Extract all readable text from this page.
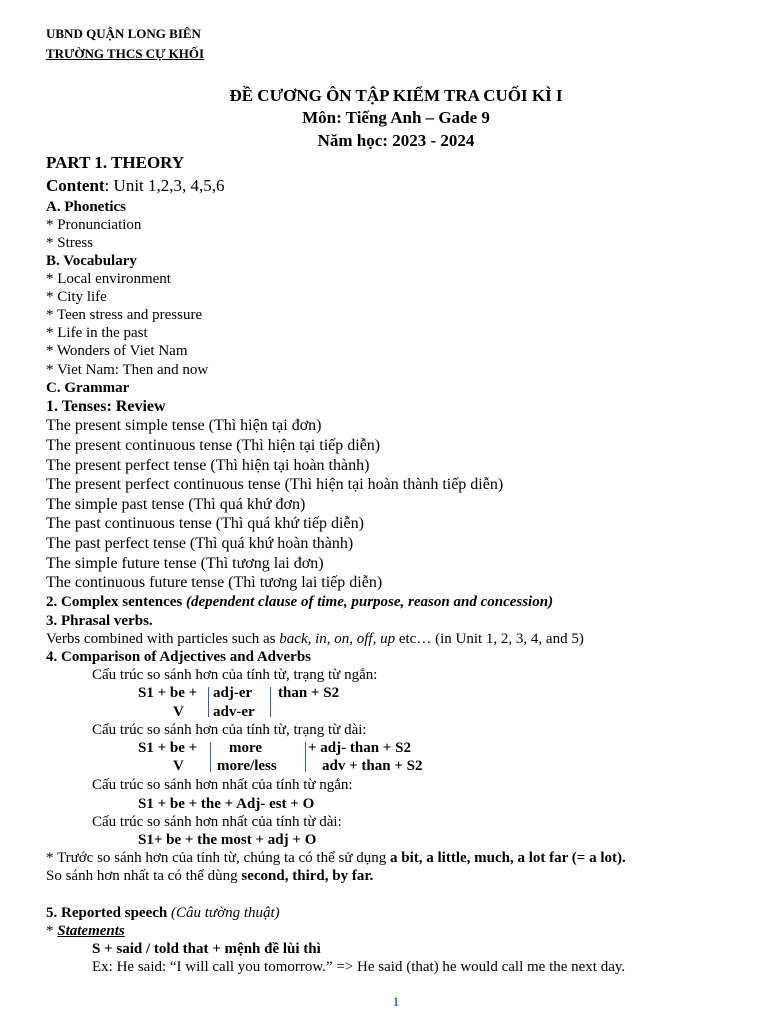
UBND QUẬN LONG BIÊN
TRƯỜNG THCS CỰ KHỐI
ĐỀ CƯƠNG ÔN TẬP KIỂM TRA CUỐI KÌ I
Môn: Tiếng Anh – Gade 9
Năm học: 2023 - 2024
PART 1. THEORY
Content: Unit 1,2,3, 4,5,6
A. Phonetics
* Pronunciation
* Stress
B. Vocabulary
* Local environment
* City life
* Teen stress and pressure
* Life in the past
* Wonders of Viet Nam
* Viet Nam: Then and now
C. Grammar
1. Tenses: Review
The present simple tense (Thì hiện tại đơn)
The present continuous tense (Thì hiện tại tiếp diễn)
The present perfect tense (Thì hiện tại hoàn thành)
The present perfect continuous tense (Thì hiện tại hoàn thành tiếp diễn)
The simple past tense (Thì quá khứ đơn)
The past continuous tense (Thì quá khứ tiếp diễn)
The past perfect tense (Thì quá khứ hoàn thành)
The simple future tense (Thì tương lai đơn)
The continuous future tense (Thì tương lai tiếp diễn)
2. Complex sentences (dependent clause of time, purpose, reason and concession)
3. Phrasal verbs.
Verbs combined with particles such as back, in, on, off, up etc… (in Unit 1, 2, 3, 4, and 5)
4. Comparison of Adjectives and Adverbs
Cấu trúc so sánh hơn của tính từ, trạng từ ngắn:
S1 + be +
V
adj-er
adv-er
than + S2
Cấu trúc so sánh hơn của tính từ, trạng từ dài:
S1 + be +
V
more
more/less
+ adj- than + S2
adv + than + S2
Cấu trúc so sánh hơn nhất của tính từ ngắn:
S1 + be + the + Adj- est + O
Cấu trúc so sánh hơn nhất của tính từ dài:
S1+ be + the most + adj + O
* Trước so sánh hơn của tính từ, chúng ta có thể sử dụng a bit, a little, much, a lot far (= a lot).
So sánh hơn nhất ta có thể dùng second, third, by far.
5. Reported speech (Câu tường thuật)
* Statements
S + said / told that + mệnh đề lùi thì
Ex: He said: “I will call you tomorrow.” => He said (that) he would call me the next day.
1
